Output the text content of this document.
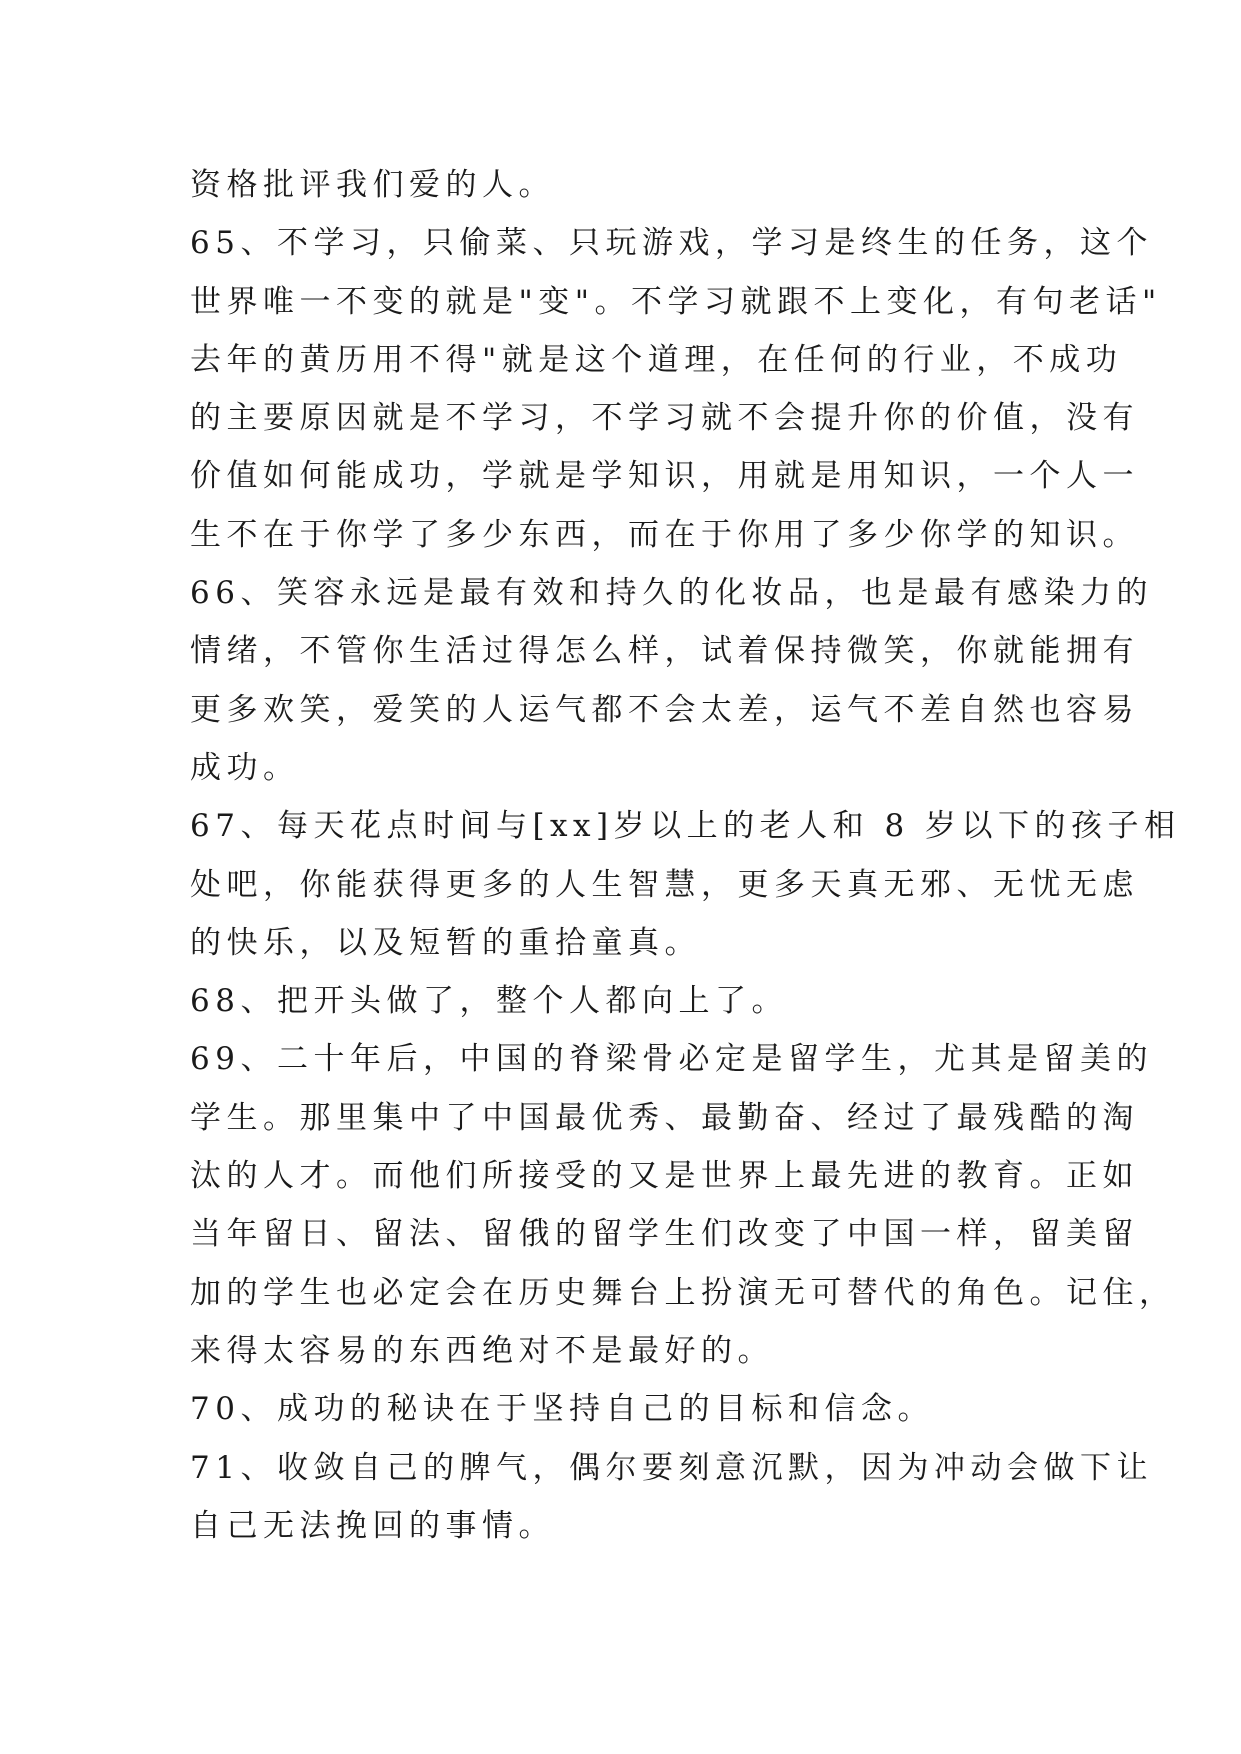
资格批评我们爱的人。
65、不学习，只偷菜、只玩游戏，学习是终生的任务，这个
世界唯一不变的就是"变"。不学习就跟不上变化，有句老话"
去年的黄历用不得"就是这个道理，在任何的行业，不成功
的主要原因就是不学习，不学习就不会提升你的价值，没有
价值如何能成功，学就是学知识，用就是用知识，一个人一
生不在于你学了多少东西，而在于你用了多少你学的知识。
66、笑容永远是最有效和持久的化妆品，也是最有感染力的
情绪，不管你生活过得怎么样，试着保持微笑，你就能拥有
更多欢笑，爱笑的人运气都不会太差，运气不差自然也容易
成功。
67、每天花点时间与[xx]岁以上的老人和 8 岁以下的孩子相
处吧，你能获得更多的人生智慧，更多天真无邪、无忧无虑
的快乐，以及短暂的重拾童真。
68、把开头做了，整个人都向上了。
69、二十年后，中国的脊梁骨必定是留学生，尤其是留美的
学生。那里集中了中国最优秀、最勤奋、经过了最残酷的淘
汰的人才。而他们所接受的又是世界上最先进的教育。正如
当年留日、留法、留俄的留学生们改变了中国一样，留美留
加的学生也必定会在历史舞台上扮演无可替代的角色。记住，
来得太容易的东西绝对不是最好的。
70、成功的秘诀在于坚持自己的目标和信念。
71、收敛自己的脾气，偶尔要刻意沉默，因为冲动会做下让
自己无法挽回的事情。
